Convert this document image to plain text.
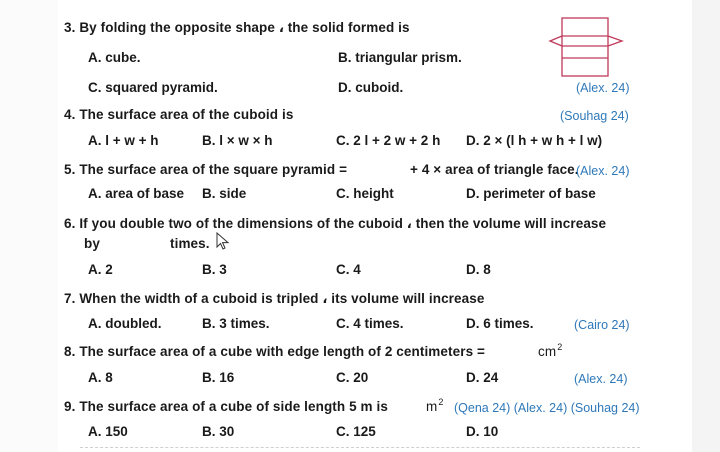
3. By folding the opposite shape ، the solid formed is
A. cube.	B. triangular prism.
C. squared pyramid.	D. cuboid.	(Alex. 24)
4. The surface area of the cuboid is	(Souhag 24)
A. l + w + h	B. l × w × h	C. 2 l + 2 w + 2 h D. 2 × (l h + w h + l w)
5. The surface area of the square pyramid =	+ 4 × area of triangle face.
(Alex. 24)
A. area of base B. side	C. height	D. perimeter of base
6. If you double two of the dimensions of the cuboid ، then the volume will increase
by	times.
A. 2	B. 3	C. 4	D. 8
7. When the width of a cuboid is tripled ، its volume will increase
A. doubled.	B. 3 times.	C. 4 times.	D. 6 times.	(Cairo 24)
8. The surface area of a cube with edge length of 2 centimeters =	$cm^2$
A. 8	B. 16	C. 20	D. 24	(Alex. 24)
9. The surface area of a cube of side length 5 m is	$m^2$ (Qena 24) (Alex. 24) (Souhag 24)
A. 150	B. 30	C. 125	D. 10
